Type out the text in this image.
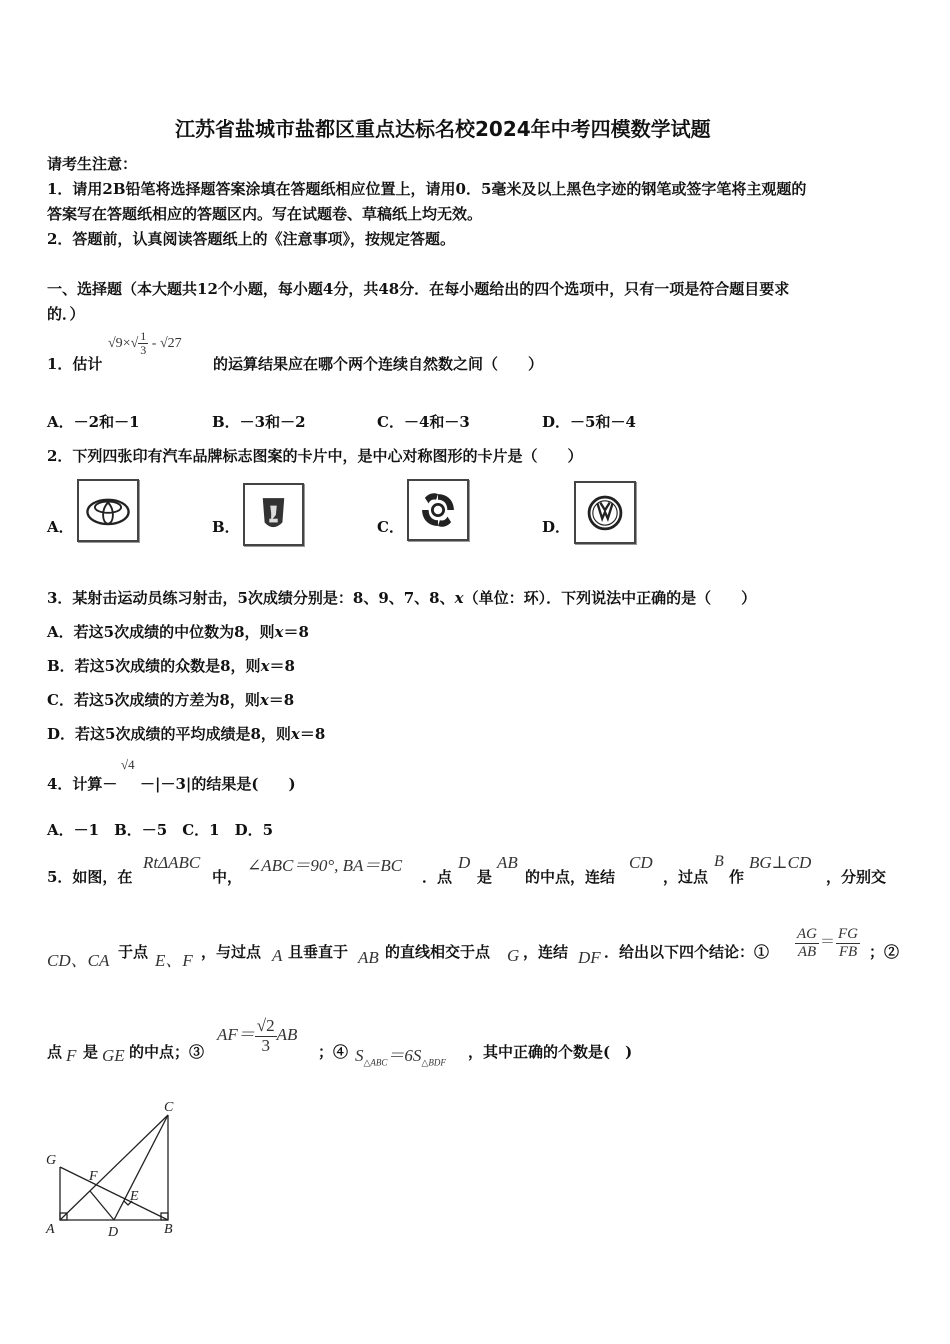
江苏省盐城市盐都区重点达标名校2024年中考四模数学试题
请考生注意：
1．请用2B铅笔将选择题答案涂填在答题纸相应位置上，请用0．5毫米及以上黑色字迹的钢笔或签字笔将主观题的
答案写在答题纸相应的答题区内。写在试题卷、草稿纸上均无效。
2．答题前，认真阅读答题纸上的《注意事项》，按规定答题。
一、选择题（本大题共12个小题，每小题4分，共48分．在每小题给出的四个选项中，只有一项是符合题目要求
的．）
1．估计
$√9\times√ \frac{1}{3} - √27$
的运算结果应在哪个两个连续自然数之间（　　）
A．－2和－1	B．－3和－2	C．－4和－3	D．－5和－4
2．下列四张印有汽车品牌标志图案的卡片中，是中心对称图形的卡片是（　　）
A．	B．	C．	D．
3．某射击运动员练习射击，5次成绩分别是：8、9、7、8、x（单位：环）．下列说法中正确的是（　　）
A．若这5次成绩的中位数为8，则x＝8
B．若这5次成绩的众数是8，则x＝8
C．若这5次成绩的方差为8，则x＝8
D．若这5次成绩的平均成绩是8，则x＝8
4．计算－
√4
－|－3|的结果是(　　)
A．－1　B．－5　C．1　D．5
5．如图，在
RtΔABC
中，
∠ABC＝90°, BA＝BC
．点
D
是
AB
的中点，连结
CD
，过点
B
作
BG⊥CD
，分别交
CD、CA 于点 E、F ，与过点 A 且垂直于 AB 的直线相交于点 G ，连结 DF ．给出以下四个结论：① $\frac{AG}{AB} = \frac{FG}{FB}$ ；②
点 F 是 GE 的中点；③
$AF= \frac{√2}{3}$ AB
；④ $S_{\triangle ABC}=6S_{\triangle BDF}$
，其中正确的个数是(　)
C
G
F
E
A	D	B
